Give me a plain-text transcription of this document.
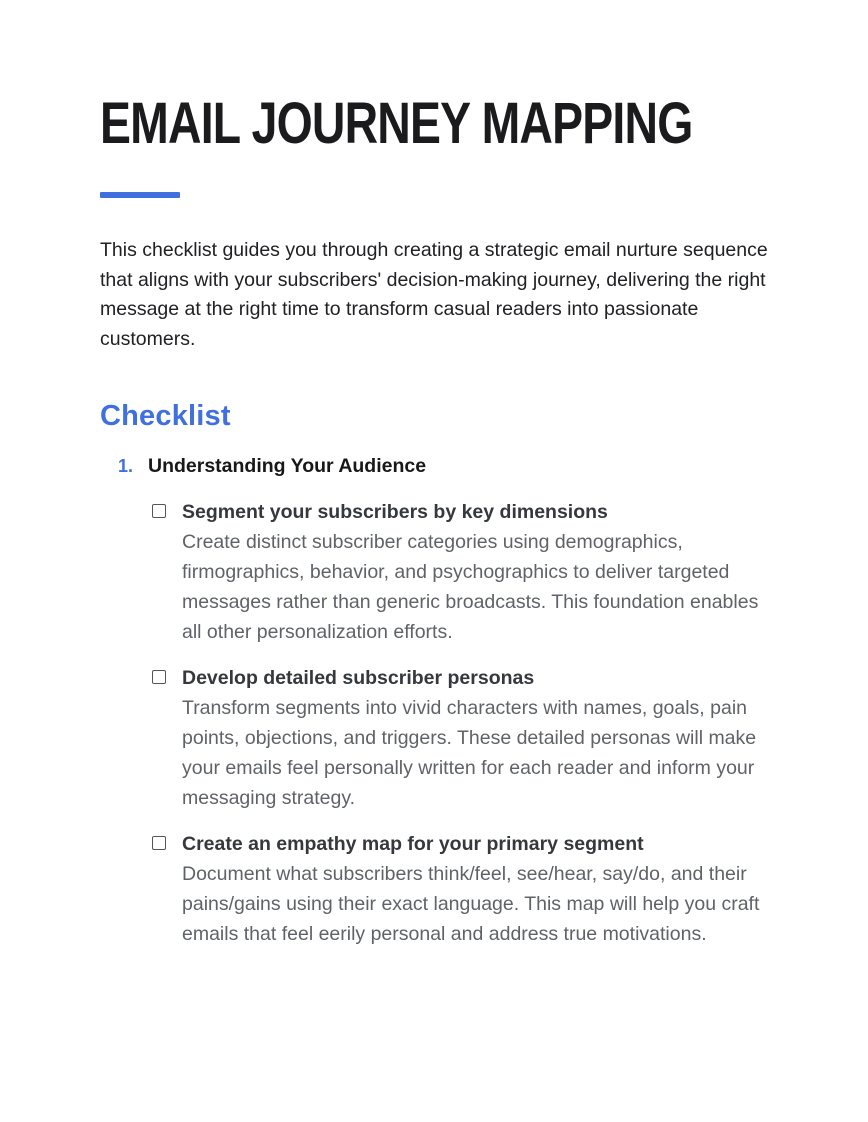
EMAIL JOURNEY MAPPING

This checklist guides you through creating a strategic email nurture sequence that aligns with your subscribers' decision-making journey, delivering the right message at the right time to transform casual readers into passionate customers.

Checklist
1. Understanding Your Audience
Segment your subscribers by key dimensions
Create distinct subscriber categories using demographics, firmographics, behavior, and psychographics to deliver targeted messages rather than generic broadcasts. This foundation enables all other personalization efforts.
Develop detailed subscriber personas
Transform segments into vivid characters with names, goals, pain points, objections, and triggers. These detailed personas will make your emails feel personally written for each reader and inform your messaging strategy.
Create an empathy map for your primary segment
Document what subscribers think/feel, see/hear, say/do, and their pains/gains using their exact language. This map will help you craft emails that feel eerily personal and address true motivations.
